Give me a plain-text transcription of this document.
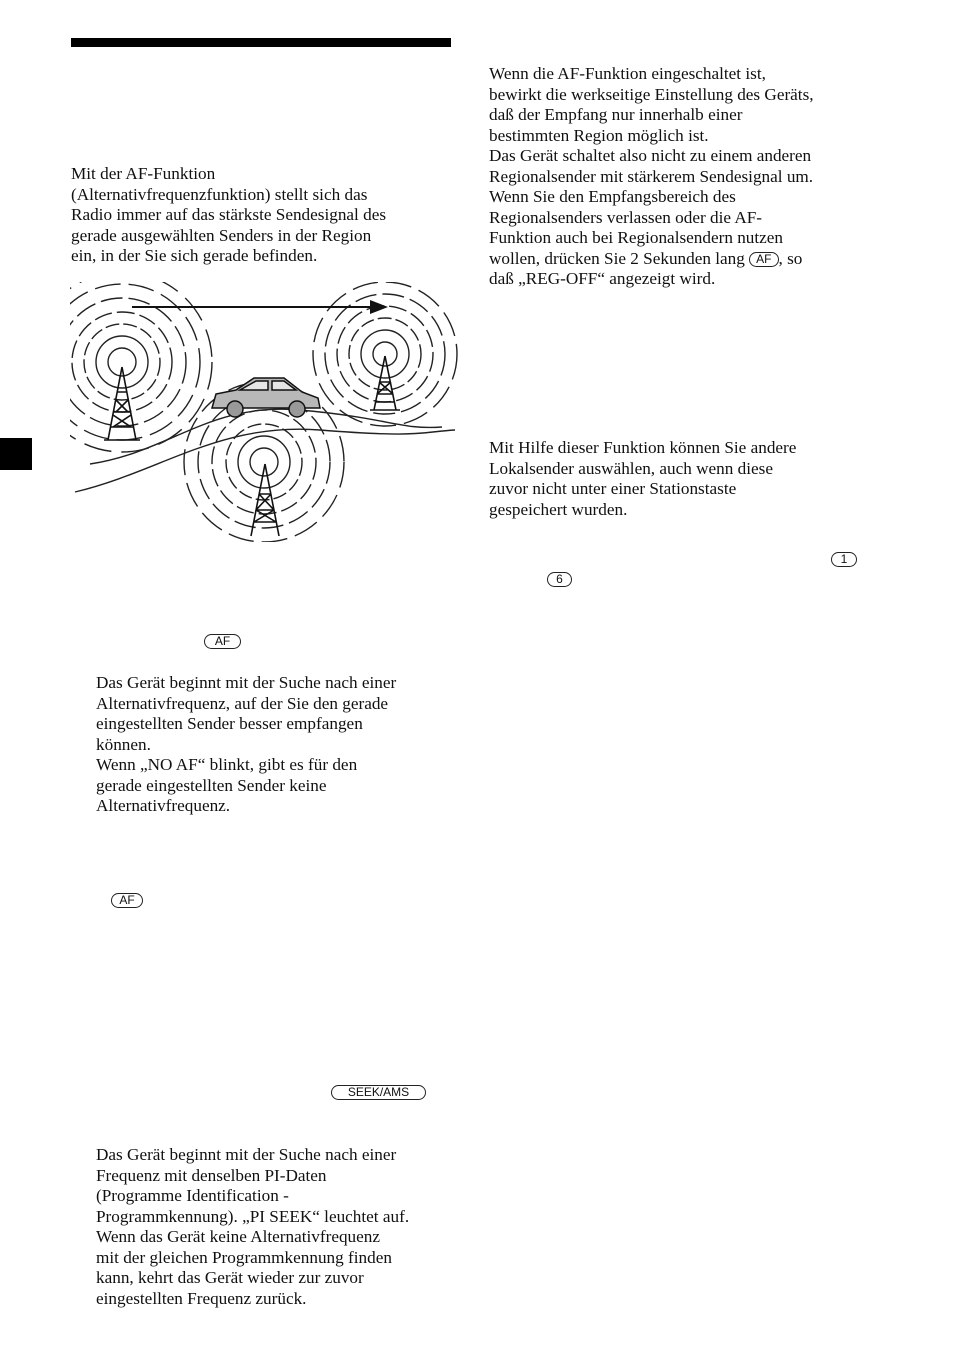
Mit der AF-Funktion
(Alternativfrequenzfunktion) stellt sich das
Radio immer auf das stärkste Sendesignal des
gerade ausgewählten Senders in der Region
ein, in der Sie sich gerade befinden.

AF

Das Gerät beginnt mit der Suche nach einer
Alternativfrequenz, auf der Sie den gerade
eingestellten Sender besser empfangen
können.
Wenn „NO AF“ blinkt, gibt es für den
gerade eingestellten Sender keine
Alternativfrequenz.

AF
SEEK/AMS

Das Gerät beginnt mit der Suche nach einer
Frequenz mit denselben PI-Daten
(Programme Identification -
Programmkennung). „PI SEEK“ leuchtet auf.
Wenn das Gerät keine Alternativfrequenz
mit der gleichen Programmkennung finden
kann, kehrt das Gerät wieder zur zuvor
eingestellten Frequenz zurück.

Wenn die AF-Funktion eingeschaltet ist,
bewirkt die werkseitige Einstellung des Geräts,
daß der Empfang nur innerhalb einer
bestimmten Region möglich ist.
Das Gerät schaltet also nicht zu einem anderen
Regionalsender mit stärkerem Sendesignal um.
Wenn Sie den Empfangsbereich des
Regionalsenders verlassen oder die AF-
Funktion auch bei Regionalsendern nutzen
wollen, drücken Sie 2 Sekunden lang AF , so
daß „REG-OFF“ angezeigt wird.

Mit Hilfe dieser Funktion können Sie andere
Lokalsender auswählen, auch wenn diese
zuvor nicht unter einer Stationstaste
gespeichert wurden.

1
6
